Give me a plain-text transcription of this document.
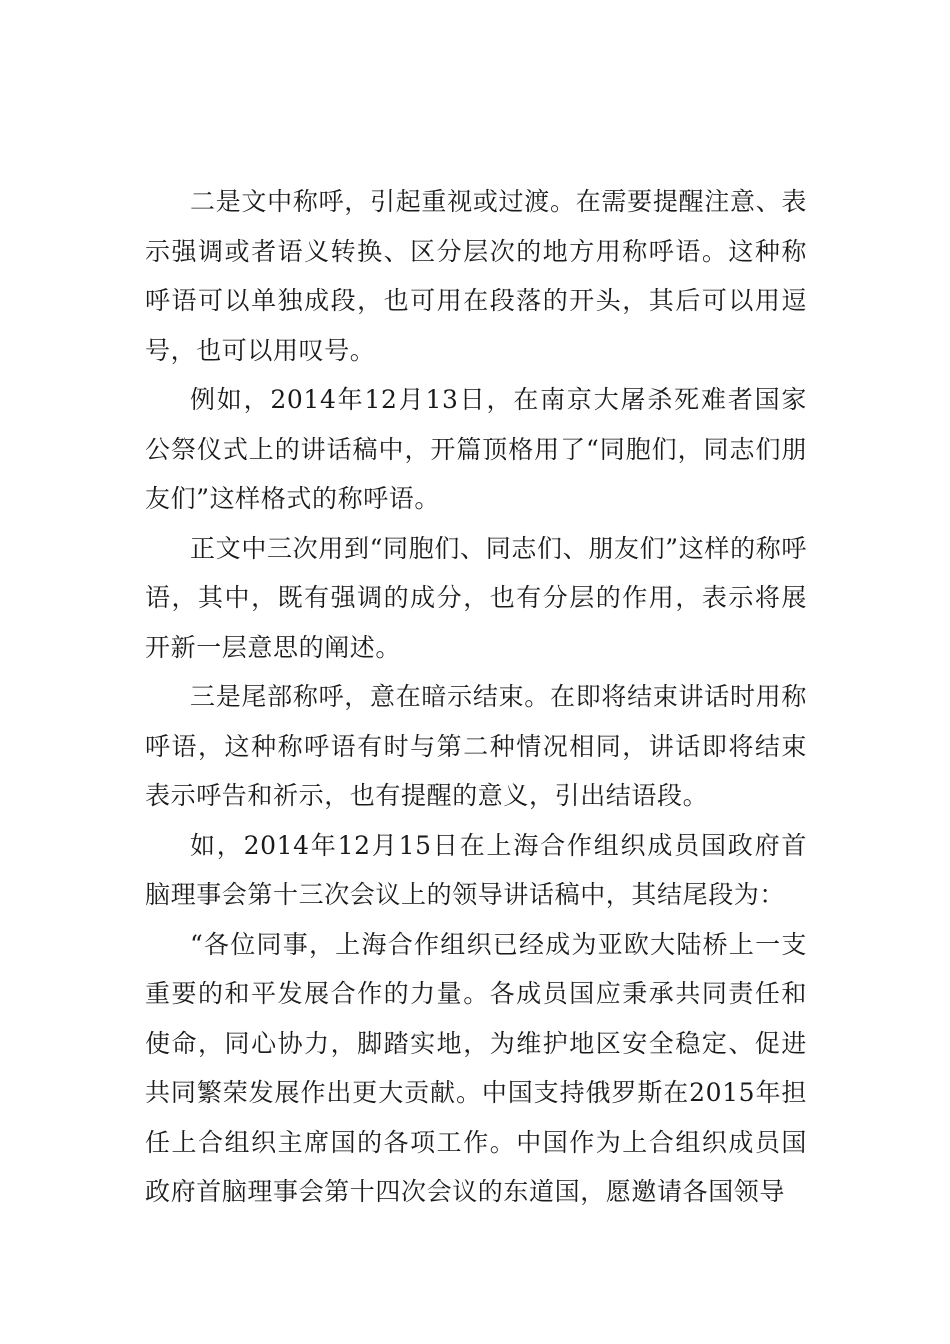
二是文中称呼，引起重视或过渡。在需要提醒注意、表示强调或者语义转换、区分层次的地方用称呼语。这种称呼语可以单独成段，也可用在段落的开头，其后可以用逗号，也可以用叹号。

例如，2014年12月13日，在南京大屠杀死难者国家公祭仪式上的讲话稿中，开篇顶格用了“同胞们，同志们朋友们”这样格式的称呼语。

正文中三次用到“同胞们、同志们、朋友们”这样的称呼语，其中，既有强调的成分，也有分层的作用，表示将展开新一层意思的阐述。

三是尾部称呼，意在暗示结束。在即将结束讲话时用称呼语，这种称呼语有时与第二种情况相同，讲话即将结束表示呼告和祈示，也有提醒的意义，引出结语段。

如，2014年12月15日在上海合作组织成员国政府首脑理事会第十三次会议上的领导讲话稿中，其结尾段为：

“各位同事，上海合作组织已经成为亚欧大陆桥上一支重要的和平发展合作的力量。各成员国应秉承共同责任和使命，同心协力，脚踏实地，为维护地区安全稳定、促进共同繁荣发展作出更大贡献。中国支持俄罗斯在2015年担任上合组织主席国的各项工作。中国作为上合组织成员国政府首脑理事会第十四次会议的东道国，愿邀请各国领导
